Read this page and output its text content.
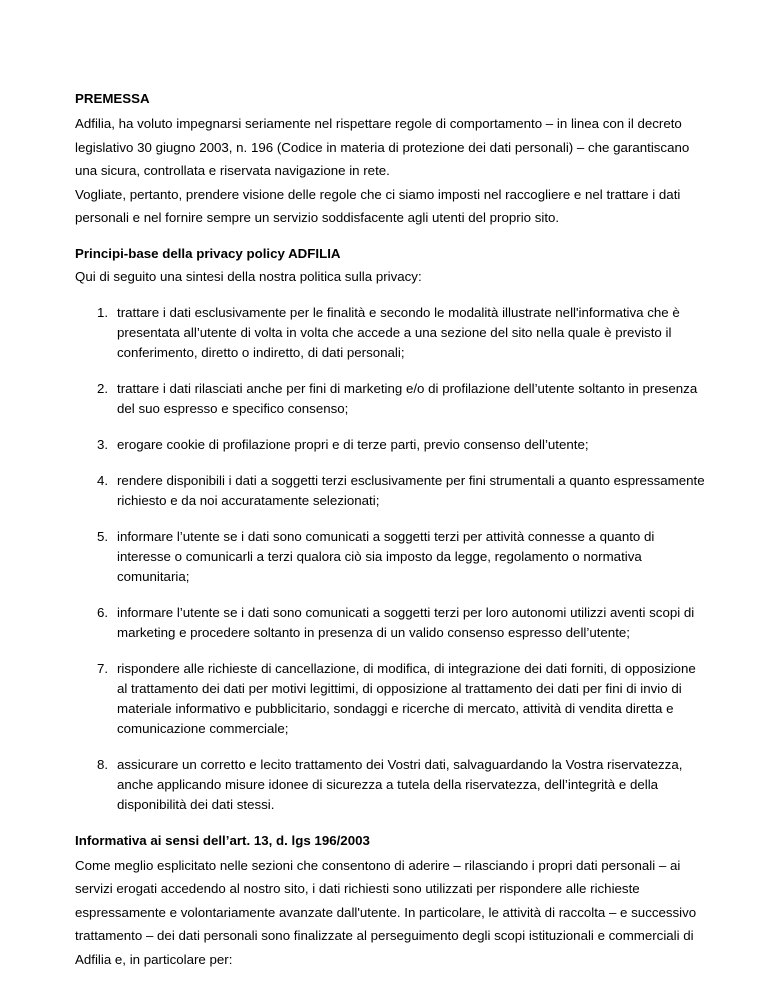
PREMESSA

Adfilia, ha voluto impegnarsi seriamente nel rispettare regole di comportamento – in linea con il decreto legislativo 30 giugno 2003, n. 196 (Codice in materia di protezione dei dati personali) – che garantiscano una sicura, controllata e riservata navigazione in rete.

Vogliate, pertanto, prendere visione delle regole che ci siamo imposti nel raccogliere e nel trattare i dati personali e nel fornire sempre un servizio soddisfacente agli utenti del proprio sito.

Principi-base della privacy policy ADFILIA

Qui di seguito una sintesi della nostra politica sulla privacy:

1. trattare i dati esclusivamente per le finalità e secondo le modalità illustrate nell'informativa che è presentata all’utente di volta in volta che accede a una sezione del sito nella quale è previsto il conferimento, diretto o indiretto, di dati personali;
2. trattare i dati rilasciati anche per fini di marketing e/o di profilazione dell’utente soltanto in presenza del suo espresso e specifico consenso;
3. erogare cookie di profilazione propri e di terze parti, previo consenso dell’utente;
4. rendere disponibili i dati a soggetti terzi esclusivamente per fini strumentali a quanto espressamente richiesto e da noi accuratamente selezionati;
5. informare l’utente se i dati sono comunicati a soggetti terzi per attività connesse a quanto di interesse o comunicarli a terzi qualora ciò sia imposto da legge, regolamento o normativa comunitaria;
6. informare l’utente se i dati sono comunicati a soggetti terzi per loro autonomi utilizzi aventi scopi di marketing e procedere soltanto in presenza di un valido consenso espresso dell’utente;
7. rispondere alle richieste di cancellazione, di modifica, di integrazione dei dati forniti, di opposizione al trattamento dei dati per motivi legittimi, di opposizione al trattamento dei dati per fini di invio di materiale informativo e pubblicitario, sondaggi e ricerche di mercato, attività di vendita diretta e comunicazione commerciale;
8. assicurare un corretto e lecito trattamento dei Vostri dati, salvaguardando la Vostra riservatezza, anche applicando misure idonee di sicurezza a tutela della riservatezza, dell’integrità e della disponibilità dei dati stessi.
Informativa ai sensi dell’art. 13, d. lgs 196/2003

Come meglio esplicitato nelle sezioni che consentono di aderire – rilasciando i propri dati personali – ai servizi erogati accedendo al nostro sito, i dati richiesti sono utilizzati per rispondere alle richieste espressamente e volontariamente avanzate dall'utente. In particolare, le attività di raccolta – e successivo trattamento – dei dati personali sono finalizzate al perseguimento degli scopi istituzionali e commerciali di Adfilia e, in particolare per:
